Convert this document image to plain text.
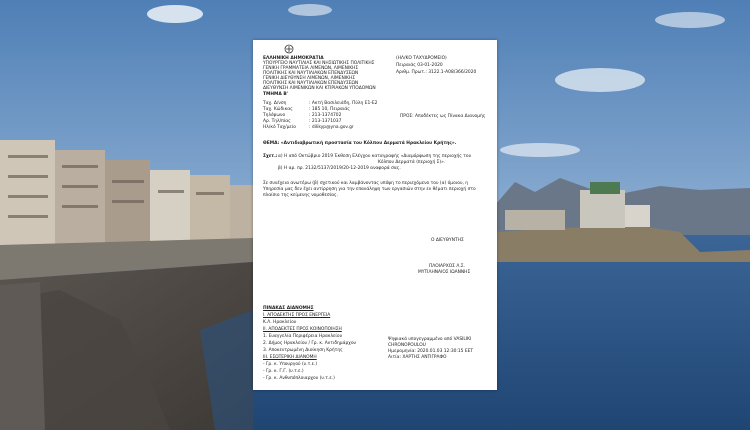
ΕΛΛΗΝΙΚΗ ΔΗΜΟΚΡΑΤΙΑ
ΥΠΟΥΡΓΕΙΟ ΝΑΥΤΙΛΙΑΣ ΚΑΙ ΝΗΣΙΩΤΙΚΗΣ ΠΟΛΙΤΙΚΗΣ
ΓΕΝΙΚΗ ΓΡΑΜΜΑΤΕΙΑ ΛΙΜΕΝΩΝ, ΛΙΜΕΝΙΚΗΣ
ΠΟΛΙΤΙΚΗΣ ΚΑΙ ΝΑΥΤΙΛΙΑΚΩΝ ΕΠΕΝΔΥΣΕΩΝ
ΓΕΝΙΚΗ ΔΙΕΥΘΥΝΣΗ ΛΙΜΕΝΩΝ, ΛΙΜΕΝΙΚΗΣ
ΠΟΛΙΤΙΚΗΣ ΚΑΙ ΝΑΥΤΙΛΙΑΚΩΝ ΕΠΕΝΔΥΣΕΩΝ
ΔΙΕΥΘΥΝΣΗ ΛΙΜΕΝΙΚΩΝ ΚΑΙ ΚΤΙΡΙΑΚΩΝ ΥΠΟΔΟΜΩΝ
ΤΜΗΜΑ Β'
(ΗΛ/ΚΟ ΤΑΧΥΔΡΟΜΕΙΟ)
Πειραιάς 03-01-2020
Αριθμ. Πρωτ.: 3122.1-Α08/366/2020
Ταχ. Δ/νση	: Ακτή Βασιλειάδη, Πύλη Ε1-Ε2
Ταχ. Κώδικας	: 185 10, Πειραιάς
Τηλέφωνο	: 213-1374702
Αρ. Τηλ/πίας	: 213-1371037
Ηλ/κό Ταχ/μείο	: dilikyp@yna.gov.gr
ΠΡΟΣ: Αποδέκτες ως Πίνακα Διανομής
ΘΕΜΑ: «Αντιδιαβρωτική προστασία του Κόλπου Δερματά Ηρακλείου Κρήτης».
Σχετ.: α) Η από Οκτώβριο 2019 Έκθεση Ελέγχου καταγραφής «Διαμόρφωση της περιοχής του
Κόλπου Δερματά (περιοχή Σ)».
β) Η αρ. πρ. 2132/5137/2019/20-12-2019 αναφορά σας.
Σε συνέχεια ανωτέρω (β) σχετικού και λαμβάνοντας υπόψη το περιεχόμενο του (α) όμοιου, η
Υπηρεσία μας δεν έχει αντίρρηση για την επανάληψη των εργασιών στην εν θέματι περιοχή στο
πλαίσιο της κείμενης νομοθεσίας.
Ο ΔΙΕΥΘΥΝΤΗΣ
ΠΛΟΙΑΡΧΟΣ Λ.Σ.
ΜΥΤΙΛΗΝΑΙΟΣ ΙΩΑΝΝΗΣ
ΠΙΝΑΚΑΣ ΔΙΑΝΟΜΗΣ
Ι. ΑΠΟΔΕΚΤΗΣ ΠΡΟΣ ΕΝΕΡΓΕΙΑ
Κ.Λ. Ηρακλείου
ΙΙ. ΑΠΟΔΕΚΤΕΣ ΠΡΟΣ ΚΟΙΝΟΠΟΙΗΣΗ
1. Ευαγγελία Περιφέρεια Ηρακλείου
2. Δήμος Ηρακλείου / Γρ. κ. Αντιδημάρχου
3. Αποκεντρωμένη Διοίκηση Κρήτης
ΙΙΙ. ΕΣΩΤΕΡΙΚΗ ΔΙΑΝΟΜΗ
- Γρ. κ. Υπουργού (υ.τ.ε.)
- Γρ. κ. Γ.Γ. (υ.τ.ε.)
- Γρ. κ. Ανθυπόπλοιαρχου (υ.τ.ε.)
Ψηφιακά υπογεγραμμένο από VASILIKI
CHRONOPOULOU
Ημερομηνία: 2020.01.03 12:30:15 EET
Αιτία: ΧΑΡΤΗΣ ΑΝΤΙΓΡΑΦΟ
